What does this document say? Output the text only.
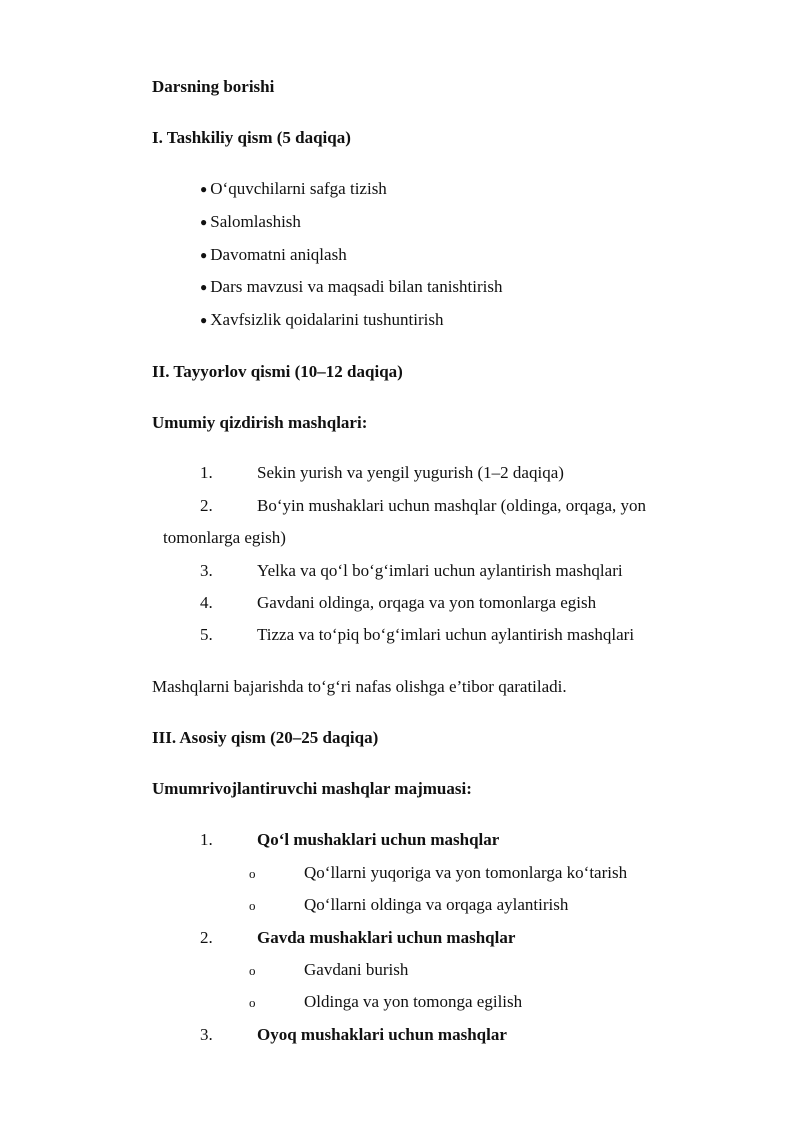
Darsning borishi
I. Tashkiliy qism (5 daqiqa)
● O‘quvchilarni safga tizish
● Salomlashish
● Davomatni aniqlash
● Dars mavzusi va maqsadi bilan tanishtirish
● Xavfsizlik qoidalarini tushuntirish
II. Tayyorlov qismi (10–12 daqiqa)
Umumiy qizdirish mashqlari:
1.	Sekin yurish va yengil yugurish (1–2 daqiqa)
2.	Bo‘yin mushaklari uchun mashqlar (oldinga, orqaga, yon
tomonlarga egish)
3.	Yelka va qo‘l bo‘g‘imlari uchun aylantirish mashqlari
4.	Gavdani oldinga, orqaga va yon tomonlarga egish
5.	Tizza va to‘piq bo‘g‘imlari uchun aylantirish mashqlari
Mashqlarni bajarishda to‘g‘ri nafas olishga e’tibor qaratiladi.
III. Asosiy qism (20–25 daqiqa)
Umumrivojlantiruvchi mashqlar majmuasi:
1.	Qo‘l mushaklari uchun mashqlar
o	Qo‘llarni yuqoriga va yon tomonlarga ko‘tarish
o	Qo‘llarni oldinga va orqaga aylantirish
2.	Gavda mushaklari uchun mashqlar
o	Gavdani burish
o	Oldinga va yon tomonga egilish
3.	Oyoq mushaklari uchun mashqlar
